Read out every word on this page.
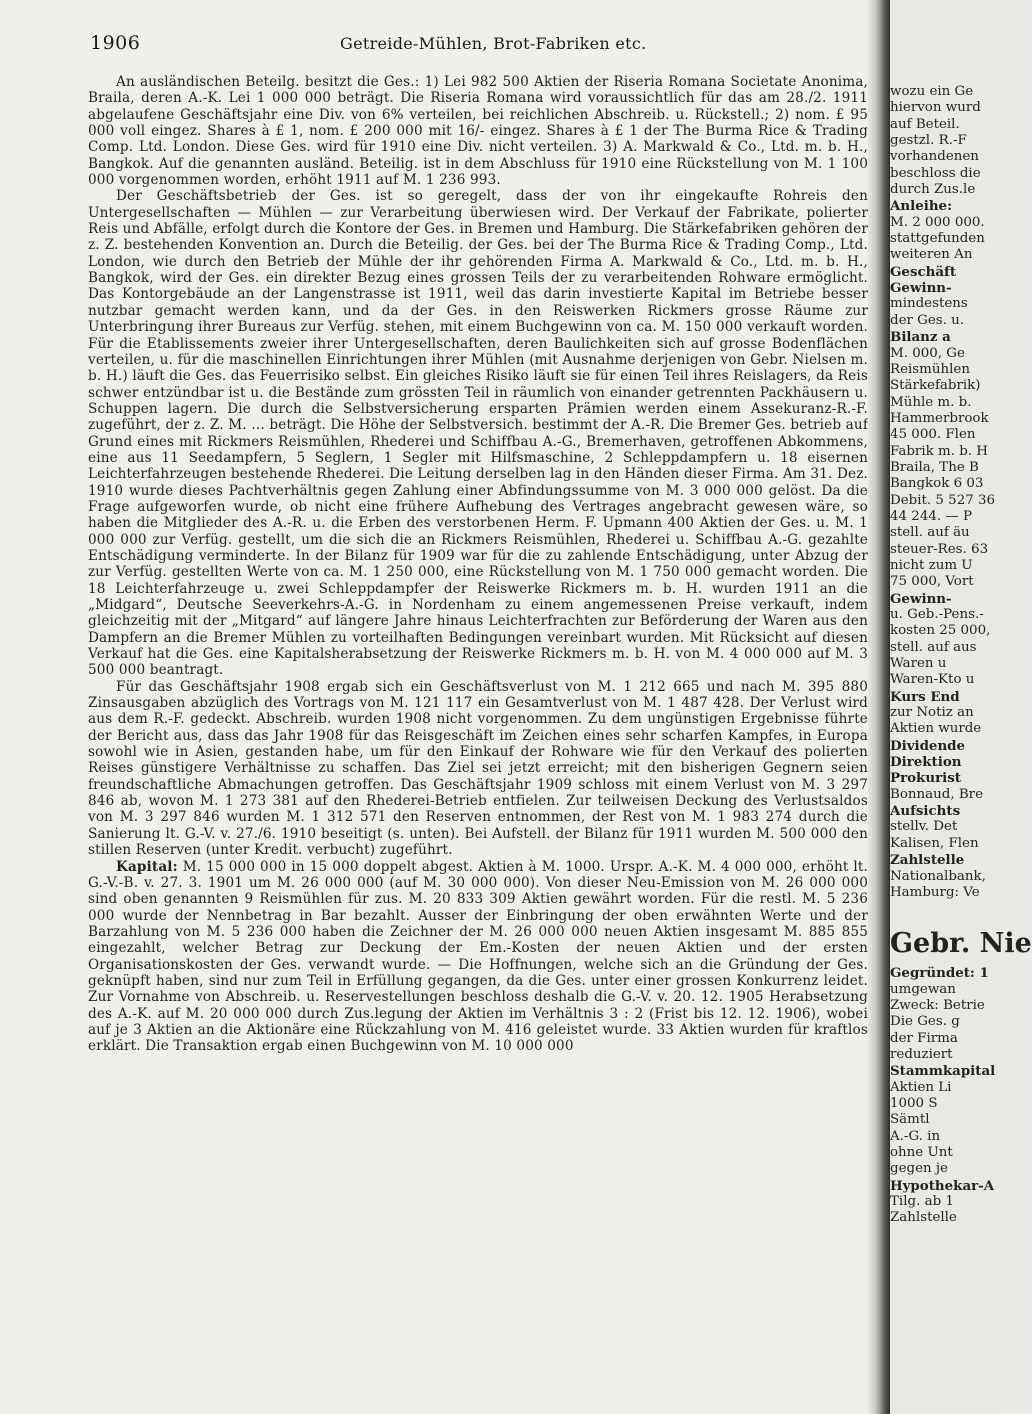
1906	Getreide-Mühlen, Brot-Fabriken etc.

An ausländischen Beteilg. besitzt die Ges.: 1) Lei 982 500 Aktien der Riseria Romana Societate Anonima, Braila, deren A.-K. Lei 1 000 000 beträgt. Die Riseria Romana wird voraussichtlich für das am 28./2. 1911 abgelaufene Geschäftsjahr eine Div. von 6% verteilen, bei reichlichen Abschreib. u. Rückstell.; 2) nom. £ 95 000 voll eingez. Shares à £ 1, nom. £ 200 000 mit 16/- eingez. Shares à £ 1 der The Burma Rice & Trading Comp. Ltd. London. Diese Ges. wird für 1910 eine Div. nicht verteilen. 3) A. Markwald & Co., Ltd. m. b. H., Bangkok. Auf die genannten ausländ. Beteilig. ist in dem Abschluss für 1910 eine Rückstellung von M. 1 100 000 vorgenommen worden, erhöht 1911 auf M. 1 236 993.

Der Geschäftsbetrieb der Ges. ist so geregelt, dass der von ihr eingekaufte Rohreis den Untergesellschaften — Mühlen — zur Verarbeitung überwiesen wird. Der Verkauf der Fabrikate, polierter Reis und Abfälle, erfolgt durch die Kontore der Ges. in Bremen und Hamburg. Die Stärkefabriken gehören der z. Z. bestehenden Konvention an. Durch die Beteilig. der Ges. bei der The Burma Rice & Trading Comp., Ltd. London, wie durch den Betrieb der Mühle der ihr gehörenden Firma A. Markwald & Co., Ltd. m. b. H., Bangkok, wird der Ges. ein direkter Bezug eines grossen Teils der zu verarbeitenden Rohware ermöglicht. Das Kontorgebäude an der Langenstrasse ist 1911, weil das darin investierte Kapital im Betriebe besser nutzbar gemacht werden kann, und da der Ges. in den Reiswerken Rickmers grosse Räume zur Unterbringung ihrer Bureaus zur Verfüg. stehen, mit einem Buchgewinn von ca. M. 150 000 verkauft worden. Für die Etablissements zweier ihrer Untergesellschaften, deren Baulichkeiten sich auf grosse Bodenflächen verteilen, u. für die maschinellen Einrichtungen ihrer Mühlen (mit Ausnahme derjenigen von Gebr. Nielsen m. b. H.) läuft die Ges. das Feuerrisiko selbst. Ein gleiches Risiko läuft sie für einen Teil ihres Reislagers, da Reis schwer entzündbar ist u. die Bestände zum grössten Teil in räumlich von einander getrennten Packhäusern u. Schuppen lagern. Die durch die Selbstversicherung ersparten Prämien werden einem Assekuranz-R.-F. zugeführt, der z. Z. M. … beträgt. Die Höhe der Selbstversich. bestimmt der A.-R. Die Bremer Ges. betrieb auf Grund eines mit Rickmers Reismühlen, Rhederei und Schiffbau A.-G., Bremerhaven, getroffenen Abkommens, eine aus 11 Seedampfern, 5 Seglern, 1 Segler mit Hilfsmaschine, 2 Schleppdampfern u. 18 eisernen Leichterfahrzeugen bestehende Rhederei. Die Leitung derselben lag in den Händen dieser Firma. Am 31. Dez. 1910 wurde dieses Pachtverhältnis gegen Zahlung einer Abfindungssumme von M. 3 000 000 gelöst. Da die Frage aufgeworfen wurde, ob nicht eine frühere Aufhebung des Vertrages angebracht gewesen wäre, so haben die Mitglieder des A.-R. u. die Erben des verstorbenen Herm. F. Upmann 400 Aktien der Ges. u. M. 1 000 000 zur Verfüg. gestellt, um die sich die an Rickmers Reismühlen, Rhederei u. Schiffbau A.-G. gezahlte Entschädigung verminderte. In der Bilanz für 1909 war für die zu zahlende Entschädigung, unter Abzug der zur Verfüg. gestellten Werte von ca. M. 1 250 000, eine Rückstellung von M. 1 750 000 gemacht worden. Die 18 Leichterfahrzeuge u. zwei Schleppdampfer der Reiswerke Rickmers m. b. H. wurden 1911 an die „Midgard“, Deutsche Seeverkehrs-A.-G. in Nordenham zu einem angemessenen Preise verkauft, indem gleichzeitig mit der „Mitgard“ auf längere Jahre hinaus Leichterfrachten zur Beförderung der Waren aus den Dampfern an die Bremer Mühlen zu vorteilhaften Bedingungen vereinbart wurden. Mit Rücksicht auf diesen Verkauf hat die Ges. eine Kapitalsherabsetzung der Reiswerke Rickmers m. b. H. von M. 4 000 000 auf M. 3 500 000 beantragt.

Für das Geschäftsjahr 1908 ergab sich ein Geschäftsverlust von M. 1 212 665 und nach M. 395 880 Zinsausgaben abzüglich des Vortrags von M. 121 117 ein Gesamtverlust von M. 1 487 428. Der Verlust wird aus dem R.-F. gedeckt. Abschreib. wurden 1908 nicht vorgenommen. Zu dem ungünstigen Ergebnisse führte der Bericht aus, dass das Jahr 1908 für das Reisgeschäft im Zeichen eines sehr scharfen Kampfes, in Europa sowohl wie in Asien, gestanden habe, um für den Einkauf der Rohware wie für den Verkauf des polierten Reises günstigere Verhältnisse zu schaffen. Das Ziel sei jetzt erreicht; mit den bisherigen Gegnern seien freundschaftliche Abmachungen getroffen. Das Geschäftsjahr 1909 schloss mit einem Verlust von M. 3 297 846 ab, wovon M. 1 273 381 auf den Rhederei-Betrieb entfielen. Zur teilweisen Deckung des Verlustsaldos von M. 3 297 846 wurden M. 1 312 571 den Reserven entnommen, der Rest von M. 1 983 274 durch die Sanierung lt. G.-V. v. 27./6. 1910 beseitigt (s. unten). Bei Aufstell. der Bilanz für 1911 wurden M. 500 000 den stillen Reserven (unter Kredit. verbucht) zugeführt.

Kapital: M. 15 000 000 in 15 000 doppelt abgest. Aktien à M. 1000. Urspr. A.-K. M. 4 000 000, erhöht lt. G.-V.-B. v. 27. 3. 1901 um M. 26 000 000 (auf M. 30 000 000). Von dieser Neu-Emission von M. 26 000 000 sind oben genannten 9 Reismühlen für zus. M. 20 833 309 Aktien gewährt worden. Für die restl. M. 5 236 000 wurde der Nennbetrag in Bar bezahlt. Ausser der Einbringung der oben erwähnten Werte und der Barzahlung von M. 5 236 000 haben die Zeichner der M. 26 000 000 neuen Aktien insgesamt M. 885 855 eingezahlt, welcher Betrag zur Deckung der Em.-Kosten der neuen Aktien und der ersten Organisationskosten der Ges. verwandt wurde. — Die Hoffnungen, welche sich an die Gründung der Ges. geknüpft haben, sind nur zum Teil in Erfüllung gegangen, da die Ges. unter einer grossen Konkurrenz leidet. Zur Vornahme von Abschreib. u. Reservestellungen beschloss deshalb die G.-V. v. 20. 12. 1905 Herabsetzung des A.-K. auf M. 20 000 000 durch Zus.legung der Aktien im Verhältnis 3 : 2 (Frist bis 12. 12. 1906), wobei auf je 3 Aktien an die Aktionäre eine Rückzahlung von M. 416 geleistet wurde. 33 Aktien wurden für kraftlos erklärt. Die Transaktion ergab einen Buchgewinn von M. 10 000 000

wozu ein Ge
hiervon wurd
auf Beteil.
gestzl. R.-F
vorhandenen
beschloss die
durch Zus.le
Anleihe:
M. 2 000 000.
stattgefunden
weiteren An
Geschäft
Gewinn-
mindestens
der Ges. u.
Bilanz a
M. 000, Ge
Reismühlen
Stärkefabrik)
Mühle m. b.
Hammerbrook
45 000. Flen
Fabrik m. b. H
Braila, The B
Bangkok 6 03
Debit. 5 527 36
44 244. — P
stell. auf äu
steuer-Res. 63
nicht zum U
75 000, Vort
Gewinn-
u. Geb.-Pens.-
kosten 25 000,
stell. auf aus
Waren u
Waren-Kto u
Kurs End
zur Notiz an
Aktien wurde
Dividende
Direktion
Prokurist
Bonnaud, Bre
Aufsichts
stellv. Det
Kalisen, Flen
Zahlstelle
Nationalbank,
Hamburg: Ve
Gebr. Nie
Gegründet: 1
umgewan
Zweck: Betrie
Die Ges. g
der Firma
reduziert
Stammkapital
Aktien Li
1000 S
Sämtl
A.-G. in
ohne Unt
gegen je
Hypothekar-A
Tilg. ab 1
Zahlstelle
